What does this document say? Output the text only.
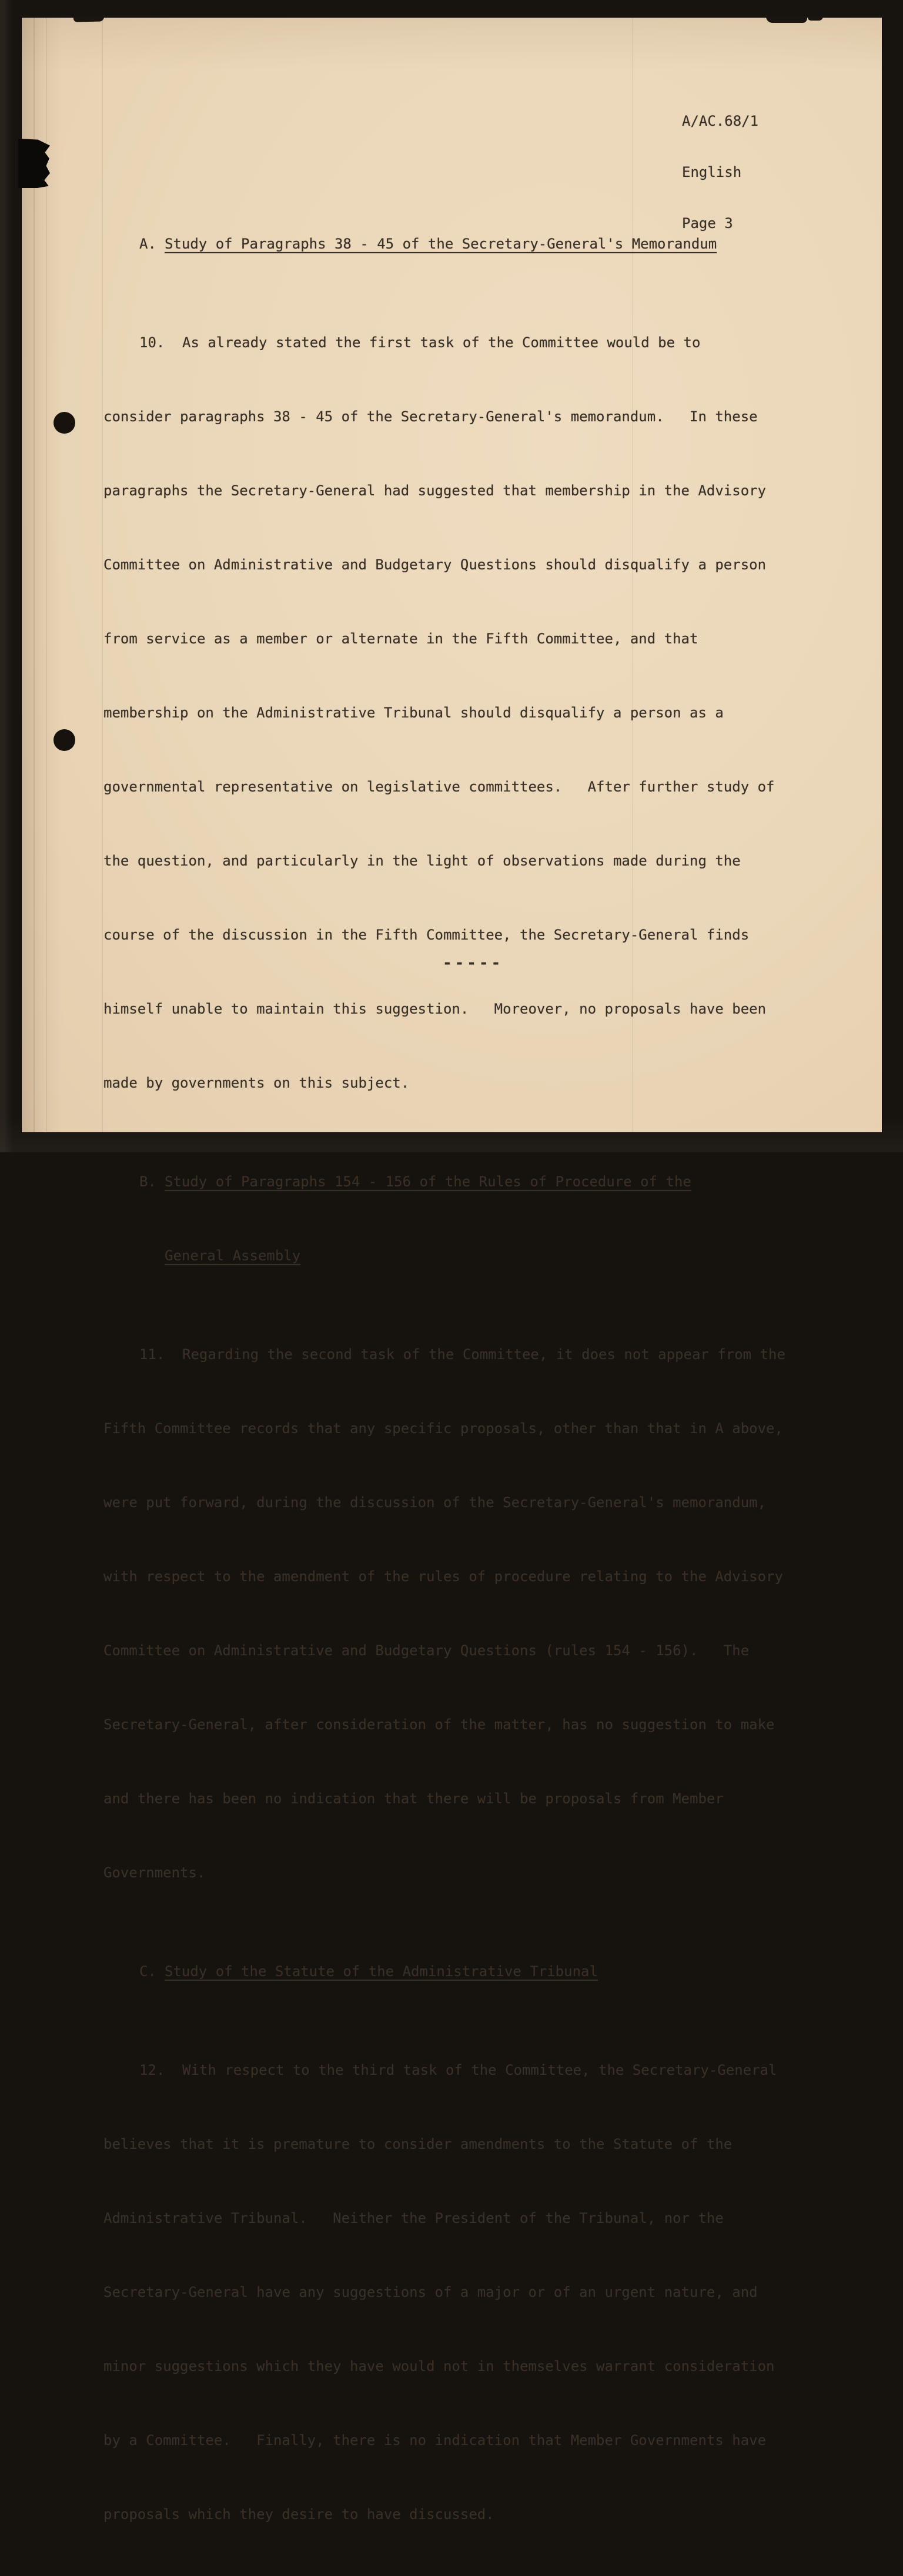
A/AC.68/1

English

Page 3

A. Study of Paragraphs 38 - 45 of the Secretary-General's Memorandum

10. As already stated the first task of the Committee would be to

consider paragraphs 38 - 45 of the Secretary-General's memorandum.   In these

paragraphs the Secretary-General had suggested that membership in the Advisory

Committee on Administrative and Budgetary Questions should disqualify a person

from service as a member or alternate in the Fifth Committee, and that

membership on the Administrative Tribunal should disqualify a person as a

governmental representative on legislative committees.   After further study of

the question, and particularly in the light of observations made during the

course of the discussion in the Fifth Committee, the Secretary-General finds

himself unable to maintain this suggestion.   Moreover, no proposals have been

made by governments on this subject.

B. Study of Paragraphs 154 - 156 of the Rules of Procedure of the

General Assembly

11. Regarding the second task of the Committee, it does not appear from the

Fifth Committee records that any specific proposals, other than that in A above,

were put forward, during the discussion of the Secretary-General's memorandum,

with respect to the amendment of the rules of procedure relating to the Advisory

Committee on Administrative and Budgetary Questions (rules 154 - 156).   The

Secretary-General, after consideration of the matter, has no suggestion to make

and there has been no indication that there will be proposals from Member

Governments.

C. Study of the Statute of the Administrative Tribunal

12. With respect to the third task of the Committee, the Secretary-General

believes that it is premature to consider amendments to the Statute of the

Administrative Tribunal.   Neither the President of the Tribunal, nor the

Secretary-General have any suggestions of a major or of an urgent nature, and

minor suggestions which they have would not in themselves warrant consideration

by a Committee.   Finally, there is no indication that Member Governments have

proposals which they desire to have discussed.

-----
